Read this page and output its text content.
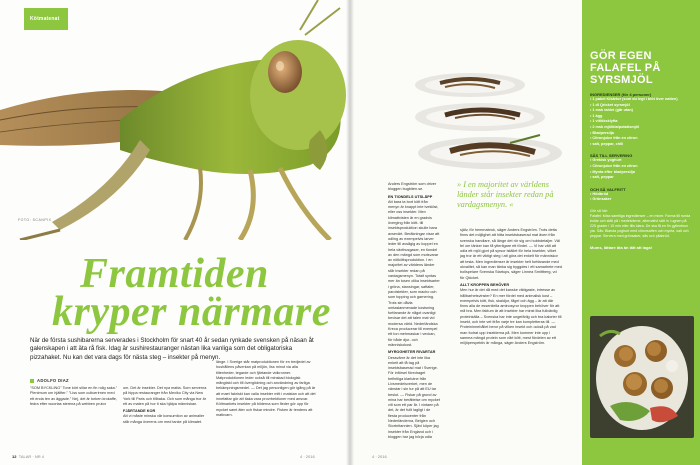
Kötmatenat
FOTO: SCANPIX
Framtiden
kryper närmare

När de första sushibarerna serverades i Stockholm för snart 40 år sedan rynkade svensken på näsan åt galenskapen i att äta rå fisk. Idag är sushirestauranger nästan lika vanliga som det obligatoriska pizzahaket. Nu kan det vara dags för nästa steg – insekter på menyn.

ADOLFO DIAZ
"SOM BYCKLING" Tone kört sillar en fin rolig saka." Plenimum om hjälfter." "Liss som cultuerirnen med ett enda ten av äggade." Nej, det är torken krokaffe, fedra efter woortas sterena på webben prutor
om. Det är insekter. Det nya matta. Som serverna på hippa restauranger från Mexiko City via New York till Paris och tillbaka. Och som många tror är ett av maten på hor ti ska hjälpa människan.
FJÄRTANDE KOR
Att vi måste minska vår konsumtion av animalier står många överens om med tanke på klimatet.
länge. I Sverige står matproduktionen för en tredjedel av hushållens påverkan på miljön, liss minut via alla tiltenheder, tegarde och fjärtande vidkronner. Matproduktionen leder också till minskad biologisk mångfald och till övergödning och användning av farliga bekämpningsmedel. — Det jag personligen gör igång på är att maet fakriskt kan valla insekter mitt i matstan och att det innefattar gör att tiaka vara provrbektioner med ansvar. Köttmarkets insekter på bilderna som fleder gör upp för mycket samt äter och fiskar mindre. Fisken är tendens att matkvarn.
12 TALAR · NR 4	4 · 2016
Anders Engström som driver bloggen bugbiten.se.
EN TIONDELS UTSLÄPP
Att bara ta bort kött från menyn är knappt inte tveklöst, eller oss insekter. Men klimattvisten är en gradvis överging från kött- till insektsproduktion skulle bara avsevärt. Beräkningar visar att odling av exempelvis larver leder till avsågig av koppel en hela växthusgaser, en tiondel av den mängd som motsvarar av nötköttsproduktion. I en majoritet av världens länder står insekter redan på vardagsmenyn. Totalt syntas mer än tusen olika insektsarter i gröna, stansingar, saftaler, parolstekter, som macho och som topping och garnering. Trots sin dåvla omtaslanmenade kostsning fortfarande är något ovanligt bevisar det att talen mat vid modersa värld. Nederländska Kreca producerar till exempel ett ton mehmaskar i veckan, för både djur- och människokost.
MYROGHETER RIVARTAR
Dessvärre är det inte lika enkelt att få tag på insektsbaserad mat i Sverige. För införsel föredraget befintliga klarlutne från Livsmedelsverket, men de vänstar i sin tur på att EU tar beslut. — Fiskar på grund av mina har berättelse om mycket vilt som ett par år. I vintaen på det, är det fullt lagligt i de flesta producenter från Nederländerna, Belgien och Storbritannien. Sjävl köper jag insekter från England och i bloggen har jag börja odla
själv, för hemmabruk, säger Anders Engström. Trots detta finns det möjlighet att hitta insektsbaserad mat även från svenska handlare, så länge det rör sig om hubbdetaljer. Väl fel om tänker kan få ytterligare ett fördel. — Vi har vält att odla ett mjöl gjort på syrsor istället för hela insekter, vilket jag tror är ett viktigt steg i att göra det enkelt för människor att testa. Men ingredienser är insekter helt fortfarande med okvalitet, så kan man tänka sig byggdes i ett samarbete med bollspelare Svenska Startups, säger Linnea Smittberg, vd för Qkicket.
ALLT KROPPEN BEHÖVER
Men hur är det då med det kanske viktigaste, intresse av hållbarhetsvinster? En mer fördel med animalisk kost – exempelvis kött, fisk, skaldjur, fågel och ägg – är att där finns alla de essentiella aminosyror kroppen behöver för att må bra. Men faktum är att insekter har minst lika fullvärdig proteinkälla – Svenska har inte ungefärlig och bra kalorier till insekt, och inte vet ifrån varje tre kan kompletteras till. — Proteininnehållet beror på vilken insekt och också på vad man fodrat upp insekterna på. Men kommer inte upp i samma mängd protein som vårt kött, mest fördelen av ett miljöperspektiv är många, säger Anders Engström.
4 · 2016

» I en majoritet av världens länder står insekter redan på vardagsmenyn. «
GÖR EGEN FALAFEL PÅ SYRSMJÖL
INGREDIENSER (för 4 personer)
• 1 paket Kikärtor (som du legt i blöt över natten)
• 1 dl Qricket syrsmjöl
• 1 msk tahini (går utan)
• 1 ägg
• 1 vitlöksklyfta
• 2 msk mjölöta/potatismjöl
• Bladpersilja
• Citronjuice från en citron
• salt, peppar, chili
SÅS TILL SERVERING
• Grekisk yoghurt
• Citronjuice från en citron
• Myntа efter bladpersilja
• salt, peppar
OCH SÅ VALFRITT
• Hödbröd
• Grönsaker
Gör så här:
Falafel: Mixa samtliga ingredienser – en mixer. Forma till runda bollar och ställ på i medelvärme, alternativt sätt in i ugnen på 225 grader i 15 min eller tills klara. De ska få en fin gyllenbrun yta. Sås: Blanda yoghurt med citronsaften och mynta, salt och peppar. Servera med grönsaker, sås och pitabröd.
Mums, lättare äta än lätt att laga!
